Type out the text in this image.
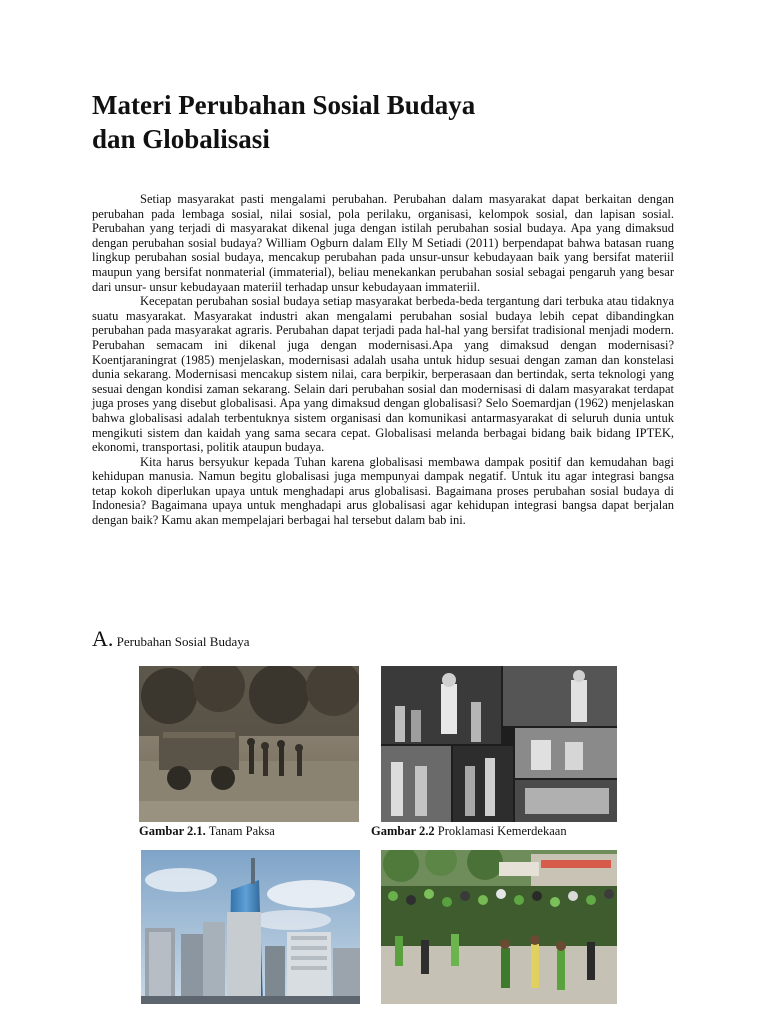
Materi Perubahan Sosial Budaya
dan Globalisasi

Setiap masyarakat pasti mengalami perubahan. Perubahan dalam masyarakat dapat berkaitan dengan perubahan pada lembaga sosial, nilai sosial, pola perilaku, organisasi, kelompok sosial, dan lapisan sosial. Perubahan yang terjadi di masyarakat dikenal juga dengan istilah perubahan sosial budaya. Apa yang dimaksud dengan perubahan sosial budaya? William Ogburn dalam Elly M Setiadi (2011) berpendapat bahwa batasan ruang lingkup perubahan sosial budaya, mencakup perubahan pada unsur-unsur kebudayaan baik yang bersifat materiil maupun yang bersifat nonmaterial (immaterial), beliau menekankan perubahan sosial sebagai pengaruh yang besar dari unsur- unsur kebudayaan materiil terhadap unsur kebudayaan immateriil.

Kecepatan perubahan sosial budaya setiap masyarakat berbeda-beda tergantung dari terbuka atau tidaknya suatu masyarakat. Masyarakat industri akan mengalami perubahan sosial budaya lebih cepat dibandingkan perubahan pada masyarakat agraris. Perubahan dapat terjadi pada hal-hal yang bersifat tradisional menjadi modern. Perubahan semacam ini dikenal juga dengan modernisasi.Apa yang dimaksud dengan modernisasi? Koentjaraningrat (1985) menjelaskan, modernisasi adalah usaha untuk hidup sesuai dengan zaman dan konstelasi dunia sekarang. Modernisasi mencakup sistem nilai, cara berpikir, berperasaan dan bertindak, serta teknologi yang sesuai dengan kondisi zaman sekarang. Selain dari perubahan sosial dan modernisasi di dalam masyarakat terdapat juga proses yang disebut globalisasi. Apa yang dimaksud dengan globalisasi? Selo Soemardjan (1962) menjelaskan bahwa globalisasi adalah terbentuknya sistem organisasi dan komunikasi antarmasyarakat di seluruh dunia untuk mengikuti sistem dan kaidah yang sama secara cepat. Globalisasi melanda berbagai bidang baik bidang IPTEK, ekonomi, transportasi, politik ataupun budaya.

Kita harus bersyukur kepada Tuhan karena globalisasi membawa dampak positif dan kemudahan bagi kehidupan manusia. Namun begitu globalisasi juga mempunyai dampak negatif. Untuk itu agar integrasi bangsa tetap kokoh diperlukan upaya untuk menghadapi arus globalisasi. Bagaimana proses perubahan sosial budaya di Indonesia? Bagaimana upaya untuk menghadapi arus globalisasi agar kehidupan integrasi bangsa dapat berjalan dengan baik? Kamu akan mempelajari berbagai hal tersebut dalam bab ini.

A. Perubahan Sosial Budaya
Gambar 2.1. Tanam Paksa	Gambar 2.2 Proklamasi Kemerdekaan
